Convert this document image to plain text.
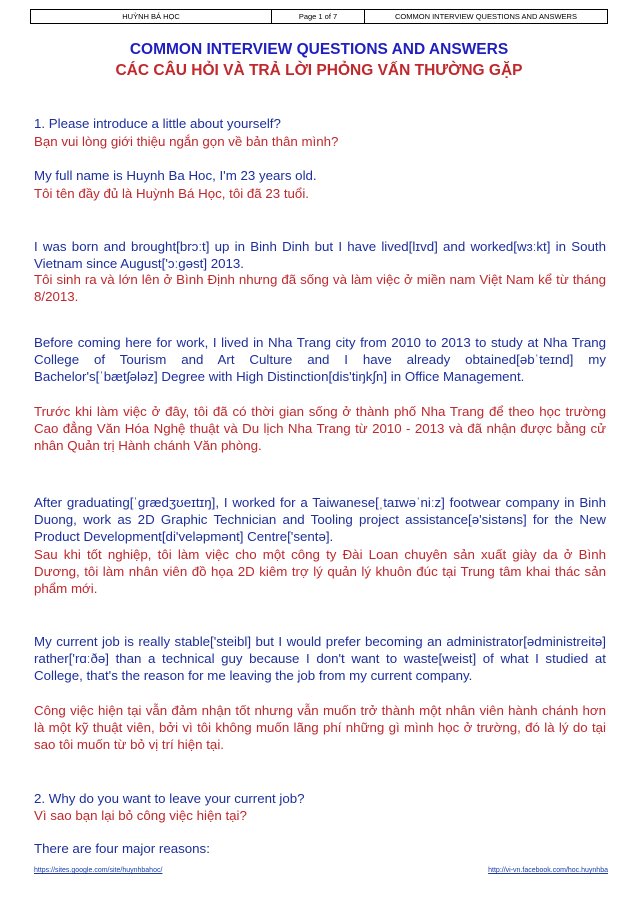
HUỲNH BÁ HỌC	Page 1 of 7	COMMON INTERVIEW QUESTIONS AND ANSWERS
COMMON INTERVIEW QUESTIONS AND ANSWERS
CÁC CÂU HỎI VÀ TRẢ LỜI PHỎNG VẤN THƯỜNG GẶP

1. Please introduce a little about yourself?

Bạn vui lòng giới thiệu ngắn gọn về bản thân mình?

My full name is Huynh Ba Hoc, I'm 23 years old.

Tôi tên đầy đủ là Huỳnh Bá Học, tôi đã 23 tuổi.

I was born and brought[brɔːt] up in Binh Dinh but I have lived[lɪvd] and worked[wɜːkt] in South Vietnam since August['ɔːgəst] 2013.

Tôi sinh ra và lớn lên ở Bình Định nhưng đã sống và làm việc ở miền nam Việt Nam kể từ tháng 8/2013.

Before coming here for work, I lived in Nha Trang city from 2010 to 2013 to study at Nha Trang College of Tourism and Art Culture and I have already obtained[əbˈteɪnd] my Bachelor's[ˈbætʃələz] Degree with High Distinction[dis'tiŋk∫n] in Office Management.

Trước khi làm việc ở đây, tôi đã có thời gian sống ở thành phố Nha Trang để theo học trường Cao đẳng Văn Hóa Nghệ thuật và Du lịch Nha Trang từ 2010 - 2013 và đã nhận được bằng cử nhân Quản trị Hành chánh Văn phòng.

After graduating[ˈɡrædʒʊeɪtɪŋ], I worked for a Taiwanese[ˌtaɪwəˈniːz] footwear company in Binh Duong, work as 2D Graphic Technician and Tooling project assistance[ə'sistəns] for the New Product Development[di'veləpmənt] Centre['sentə].

Sau khi tốt nghiệp, tôi làm việc cho một công ty Đài Loan chuyên sản xuất giày da ở Bình Dương, tôi làm nhân viên đồ họa 2D kiêm trợ lý quản lý khuôn đúc tại Trung tâm khai thác sản phẩm mới.

My current job is really stable['steibl] but I would prefer becoming an administrator[ədministreitə] rather['rɑːðə] than a technical guy because I don't want to waste[weist] of what I studied at College, that's the reason for me leaving the job from my current company.

Công việc hiện tại vẫn đảm nhận tốt nhưng vẫn muốn trở thành một nhân viên hành chánh hơn là một kỹ thuật viên, bởi vì tôi không muốn lãng phí những gì mình học ở trường, đó là lý do tại sao tôi muốn từ bỏ vị trí hiện tại.

2. Why do you want to leave your current job?

Vì sao bạn lại bỏ công việc hiện tại?

There are four major reasons:

https://sites.google.com/site/huynhbahoc/	http://vi-vn.facebook.com/hoc.huynhba
